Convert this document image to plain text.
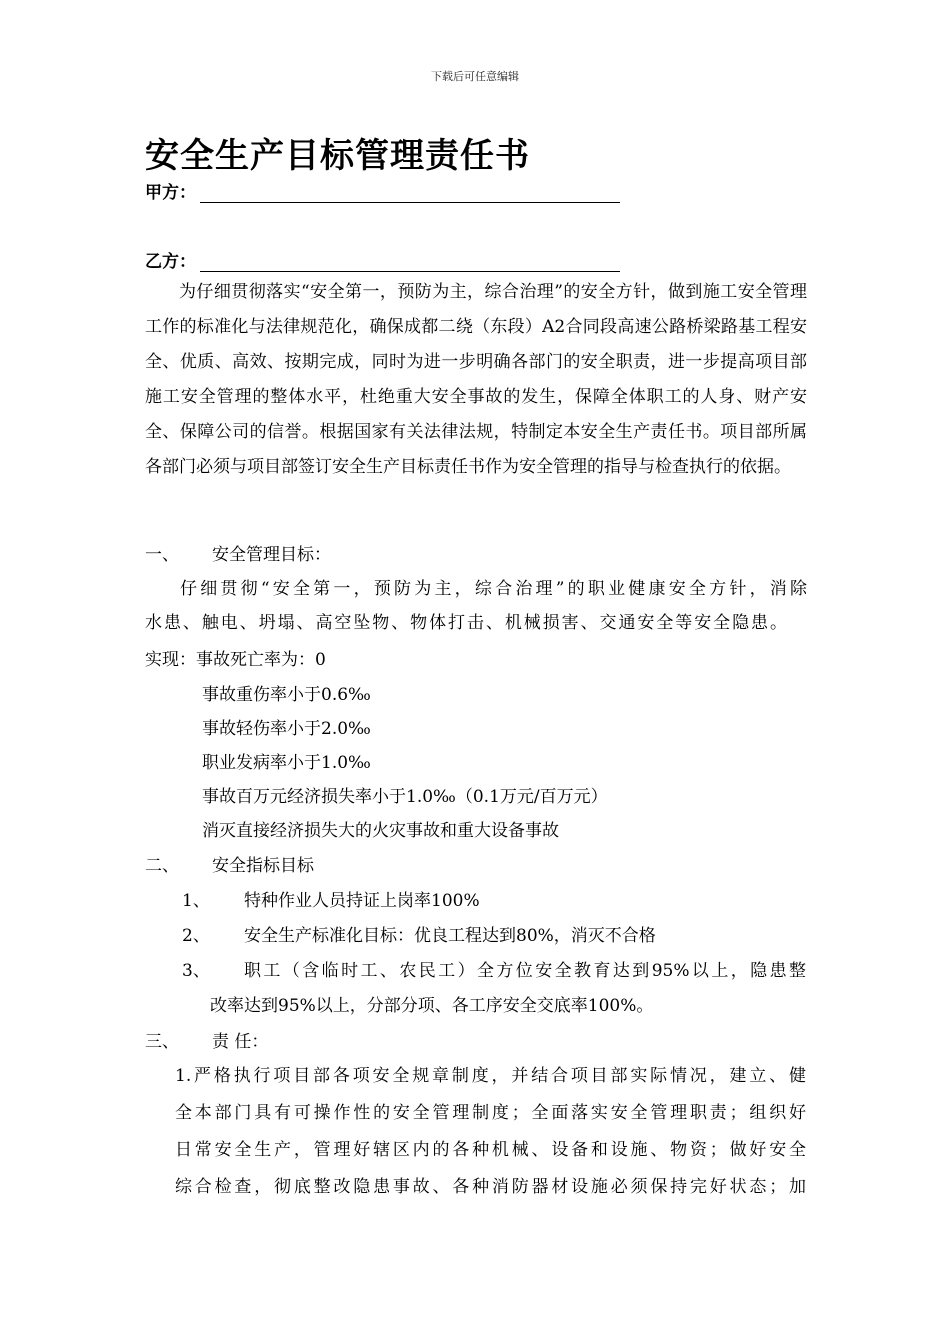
下载后可任意编辑
安全生产目标管理责任书
甲方：
乙方：

为仔细贯彻落实“安全第一，预防为主，综合治理”的安全方针，做到施工安全管理工作的标准化与法律规范化，确保成都二绕（东段）A2合同段高速公路桥梁路基工程安全、优质、高效、按期完成，同时为进一步明确各部门的安全职责，进一步提高项目部施工安全管理的整体水平，杜绝重大安全事故的发生，保障全体职工的人身、财产安全、保障公司的信誉。根据国家有关法律法规，特制定本安全生产责任书。项目部所属各部门必须与项目部签订安全生产目标责任书作为安全管理的指导与检查执行的依据。

一、 安全管理目标：
仔细贯彻“安全第一，预防为主，综合治理”的职业健康安全方针，消除
水患、触电、坍塌、高空坠物、物体打击、机械损害、交通安全等安全隐患。
实现：事故死亡率为：0
事故重伤率小于0.6‰
事故轻伤率小于2.0‰
职业发病率小于1.0‰
事故百万元经济损失率小于1.0‰（0.1万元/百万元）
消灭直接经济损失大的火灾事故和重大设备事故
二、 安全指标目标
1、 特种作业人员持证上岗率100%
2、 安全生产标准化目标：优良工程达到80%，消灭不合格
3、 职工（含临时工、农民工）全方位安全教育达到95%以上，隐患整
改率达到95%以上，分部分项、各工序安全交底率100%。
三、 责 任：
1.严格执行项目部各项安全规章制度，并结合项目部实际情况，建立、健
全本部门具有可操作性的安全管理制度；全面落实安全管理职责；组织好
日常安全生产，管理好辖区内的各种机械、设备和设施、物资；做好安全
综合检查，彻底整改隐患事故、各种消防器材设施必须保持完好状态；加
